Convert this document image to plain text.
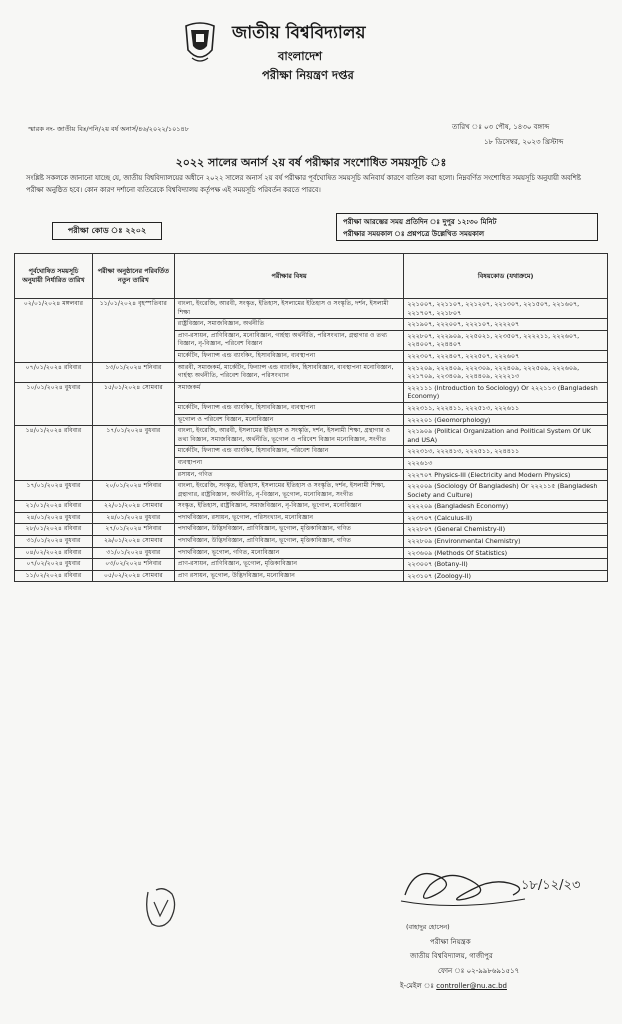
জাতীয় বিশ্ববিদ্যালয়
বাংলাদেশ
পরীক্ষা নিয়ন্ত্রণ দপ্তর
স্মারক নং- জাতীয় বিঃ/পনি/২য় বর্ষ অনার্স/৪৬/২০২২/১০১৪৮	তারিখ ঃ ০৩ পৌষ, ১৪৩০ বঙ্গাব্দ
১৮ ডিসেম্বর, ২০২৩ খ্রিস্টাব্দ
২০২২ সালের অনার্স ২য় বর্ষ পরীক্ষার সংশোধিত সময়সূচি ঃ
সংশ্লিষ্ট সকলকে জানানো যাচ্ছে যে, জাতীয় বিশ্ববিদ্যালয়ের অধীনে ২০২২ সালের অনার্স ২য় বর্ষ পরীক্ষার পূর্বঘোষিত সময়সূচি অনিবার্য কারণে বাতিল করা হলো। নিম্নবর্ণিত সংশোধিত সময়সূচি অনুযায়ী অবশিষ্ট পরীক্ষা অনুষ্ঠিত হবে। কোন কারণ দর্শানো ব্যতিরেকে বিশ্ববিদ্যালয় কর্তৃপক্ষ এই সময়সূচি পরিবর্তন করতে পারবে।
পরীক্ষা কোড ঃ ২২০২
পরীক্ষা আরম্ভের সময় প্রতিদিন ঃ দুপুর ১২:৩০ মিনিট
পরীক্ষার সময়কাল ঃ প্রশ্নপত্রে উল্লেখিত সময়কাল
পূর্বঘোষিত সময়সূচি অনুযায়ী নির্ধারিত তারিখ	পরীক্ষা অনুষ্ঠানের পরিবর্তিত নতুন তারিখ	পরীক্ষার বিষয়	বিষয়কোড (যথাক্রমে)
০২/০১/২০২৪ মঙ্গলবার	১১/০১/২০২৪ বৃহস্পতিবার	বাংলা, ইংরেজি, আরবী, সংস্কৃত, ইতিহাস, ইসলামের ইতিহাস ও সংস্কৃতি, দর্শন, ইসলামী শিক্ষা	২২১০০৭, ২২১১০৭, ২২১২০৭, ২২১৩০৭, ২২১৫০৭, ২২১৬০৭, ২২১৭০৭, ২২১৮০৭
		রাষ্ট্রবিজ্ঞান, সমাজবিজ্ঞান, অর্থনীতি	২২১৯০৭, ২২২০০৭, ২২২১০৭, ২২২২০৭
		প্রাণ-রসায়ন, প্রাণিবিজ্ঞান, মনোবিজ্ঞান, গার্হস্থ্য অর্থনীতি, পরিসংখ্যান, গ্রন্থাগার ও তথ্য বিজ্ঞান, নৃ-বিজ্ঞান, পরিবেশ বিজ্ঞান	২২২৮০৭, ২২২৯০৯, ২২৫০২১, ২২৩৫০৭, ২২২২১১, ২২২৬০৭, ২২৪০০৭, ২২৪৪০৭
		মার্কেটিং, ফিন্যান্স এন্ড ব্যাংকিং, হিসাববিজ্ঞান, ব্যবস্থাপনা	২২২৩০৭, ২২২৪০৭, ২২২৫০৭, ২২২৬০৭
০৭/০১/২০২৪ রবিবার	১৩/০১/২০২৪ শনিবার	আরবী, সমাজকর্ম, মার্কেটিং, ফিন্যান্স এন্ড ব্যাংকিং, হিসাববিজ্ঞান, ব্যবস্থাপনা মনোবিজ্ঞান, গার্হস্থ্য অর্থনীতি, পরিবেশ বিজ্ঞান, পরিসংখ্যান	২২১২০৯, ২২২৪০৯, ২২২৩০৯, ২২২৪০৯, ২২২৫০৯, ২২২৬০৯, ২২১৭০৯, ২২৩৪০৯, ২২৪৪০৯, ২২২২১৩
১০/০১/২০২৪ বুধবার	১৫/০১/২০২৪ সোমবার	সমাজকর্ম	২২২১১১ (Introduction to Sociology) Or ২২২১১৩ (Bangladesh Economy)
		মার্কেটিং, ফিন্যান্স এন্ড ব্যাংকিং, হিসাববিজ্ঞান, ব্যবস্থাপনা	২২২৩১১, ২২২৪১১, ২২২৫১৩, ২২২৬১১
		ভূগোল ও পরিবেশ বিজ্ঞান, মনোবিজ্ঞান	২২২২০১ (Geomorphology)
১৪/০১/২০২৪ রবিবার	১৭/০১/২০২৪ বুধবার	বাংলা, ইংরেজি, আরবী, ইসলামের ইতিহাস ও সংস্কৃতি, দর্শন, ইসলামী শিক্ষা, গ্রন্থাগার ও তথ্য বিজ্ঞান, সমাজবিজ্ঞান, অর্থনীতি, ভূগোল ও পরিবেশ বিজ্ঞান মনোবিজ্ঞান, সংগীত	২২১৯০৯ (Political Organization and Political System Of UK and USA)
		মার্কেটিং, ফিন্যান্স এন্ড ব্যাংকিং, হিসাববিজ্ঞান, পরিবেশ বিজ্ঞান	২২২৩১৩, ২২২৪১৩, ২২২৫১১, ২২৪৪১১
		ব্যবস্থাপনা	২২২৬১৩
		রসায়ন, গণিত	২২২৭০৭ Physics-III (Electricity and Modern Physics)
১৭/০১/২০২৪ বুধবার	২০/০১/২০২৪ শনিবার	বাংলা, ইংরেজি, সংস্কৃত, ইতিহাস, ইসলামের ইতিহাস ও সংস্কৃতি, দর্শন, ইসলামী শিক্ষা, গ্রন্থাগার, রাষ্ট্রবিজ্ঞান, অর্থনীতি, নৃ-বিজ্ঞান, ভূগোল, মনোবিজ্ঞান, সংগীত	২২২০০৯ (Sociology Of Bangladesh) Or ২২২১১৫ (Bangladesh Society and Culture)
২১/০১/২০২৪ রবিবার	২২/০১/২০২৪ সোমবার	সংস্কৃত, ইতিহাস, রাষ্ট্রবিজ্ঞান, সমাজবিজ্ঞান, নৃ-বিজ্ঞান, ভূগোল, মনোবিজ্ঞান	২২২২০৯ (Bangladesh Economy)
২৪/০১/২০২৪ বুধবার	২৪/০১/২০২৪ বুধবার	পদার্থবিজ্ঞান, রসায়ন, ভূগোল, পরিসংখ্যান, মনোবিজ্ঞান	২২৩৭০৭ (Calculus-II)
২৮/০১/২০২৪ রবিবার	২৭/০১/২০২৪ শনিবার	পদার্থবিজ্ঞান, উদ্ভিদবিজ্ঞান, প্রাণিবিজ্ঞান, ভূগোল, মৃত্তিকাবিজ্ঞান, গণিত	২২২৮০৭ (General Chemistry-II)
৩১/০১/২০২৪ বুধবার	২৯/০১/২০২৪ সোমবার	পদার্থবিজ্ঞান, উদ্ভিদবিজ্ঞান, প্রাণিবিজ্ঞান, ভূগোল, মৃত্তিকাবিজ্ঞান, গণিত	২২২৮০৯ (Environmental Chemistry)
০৪/০২/২০২৪ রবিবার	৩১/০১/২০২৪ বুধবার	পদার্থবিজ্ঞান, ভূগোল, গণিত, মনোবিজ্ঞান	২২৩৬০৯ (Methods Of Statistics)
০৭/০২/২০২৪ বুধবার	০৩/০২/২০২৪ শনিবার	প্রাণ-রসায়ন, প্রাণিবিজ্ঞান, ভূগোল, মৃত্তিকাবিজ্ঞান	২২৩০০৭ (Botany-II)
১১/০২/২০২৪ রবিবার	০৫/০২/২০২৪ সোমবার	প্রাণ রসায়ন, ভূগোল, উদ্ভিদবিজ্ঞান, মনোবিজ্ঞান	২২৩১০৭ (Zoology-II)
১৮/১২/২৩
(বাহাদুর হোসেন)
পরীক্ষা নিয়ন্ত্রক
জাতীয় বিশ্ববিদ্যালয়, গাজীপুর
ফোন ঃ ০২-৯৯৮৬৯১৫১৭
ই-মেইল ঃ controller@nu.ac.bd
